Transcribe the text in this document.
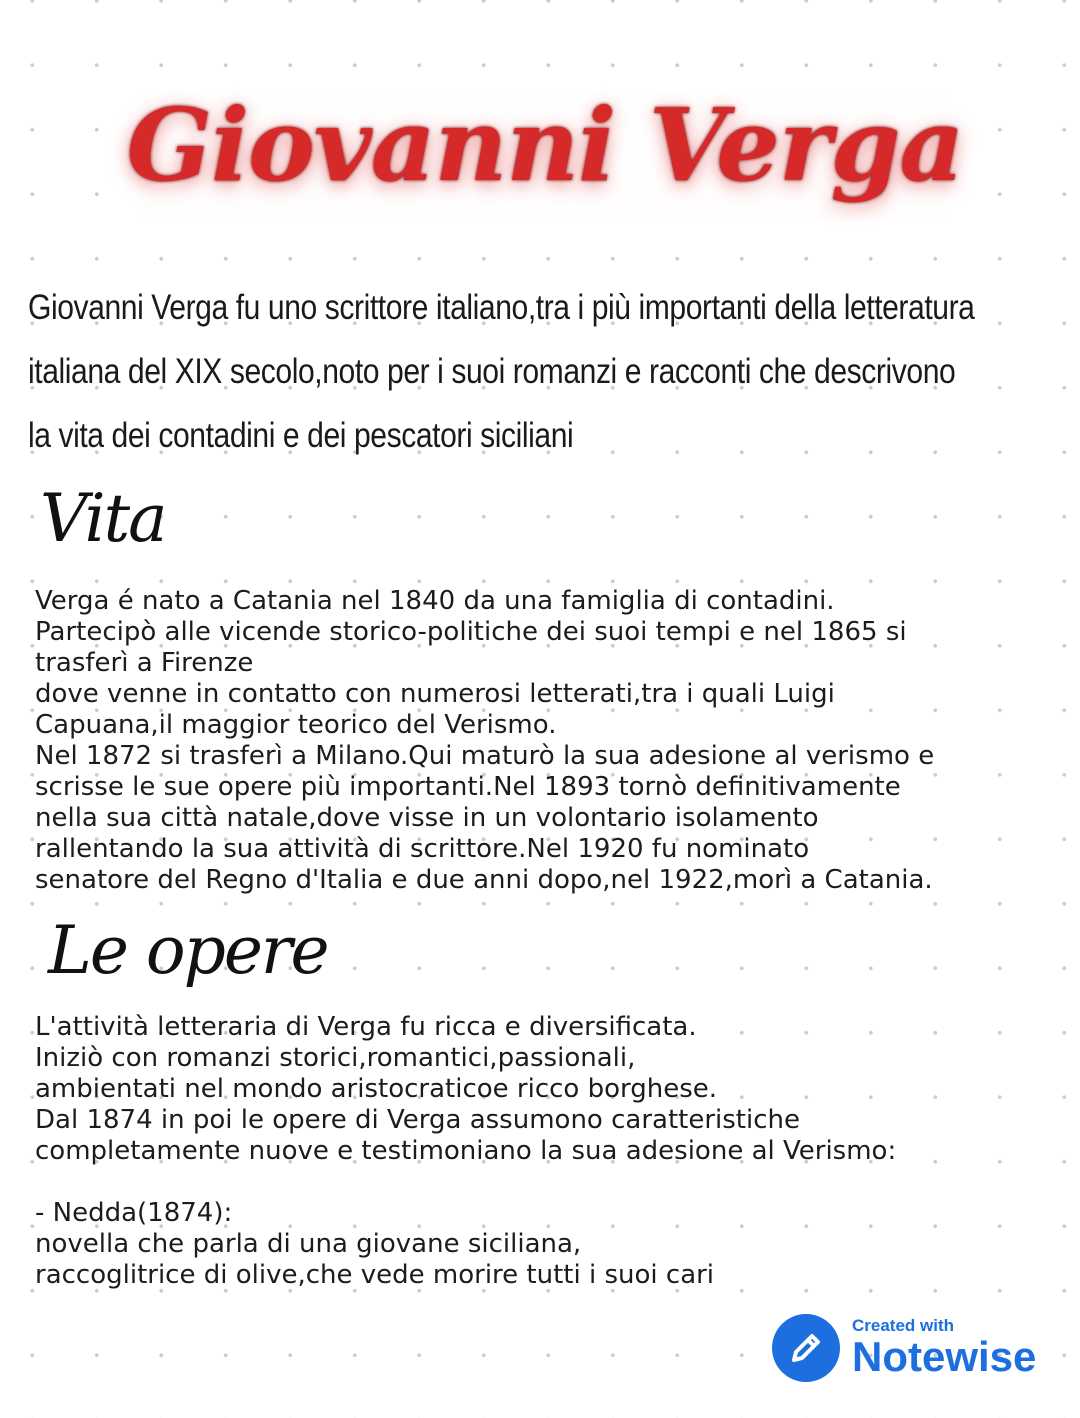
Giovanni Verga
Giovanni Verga fu uno scrittore italiano,tra i più importanti della letteratura
italiana del XIX secolo,noto per i suoi romanzi e racconti che descrivono
la vita dei contadini e dei pescatori siciliani
Vita
Verga é nato a Catania nel 1840 da una famiglia di contadini.
Partecipò alle vicende storico-politiche dei suoi tempi e nel 1865 si
trasferì a Firenze
dove venne in contatto con numerosi letterati,tra i quali Luigi
Capuana,il maggior teorico del Verismo.
Nel 1872 si trasferì a Milano.Qui maturò la sua adesione al verismo e
scrisse le sue opere più importanti.Nel 1893 tornò definitivamente
nella sua città natale,dove visse in un volontario isolamento
rallentando la sua attività di scrittore.Nel 1920 fu nominato
senatore del Regno d'Italia e due anni dopo,nel 1922,morì a Catania.
Le opere
L'attività letteraria di Verga fu ricca e diversificata.
Iniziò con romanzi storici,romantici,passionali,
ambientati nel mondo aristocraticoe ricco borghese.
Dal 1874 in poi le opere di Verga assumono caratteristiche
completamente nuove e testimoniano la sua adesione al Verismo:
- Nedda(1874):
novella che parla di una giovane siciliana,
raccoglitrice di olive,che vede morire tutti i suoi cari
Created with
Notewise
